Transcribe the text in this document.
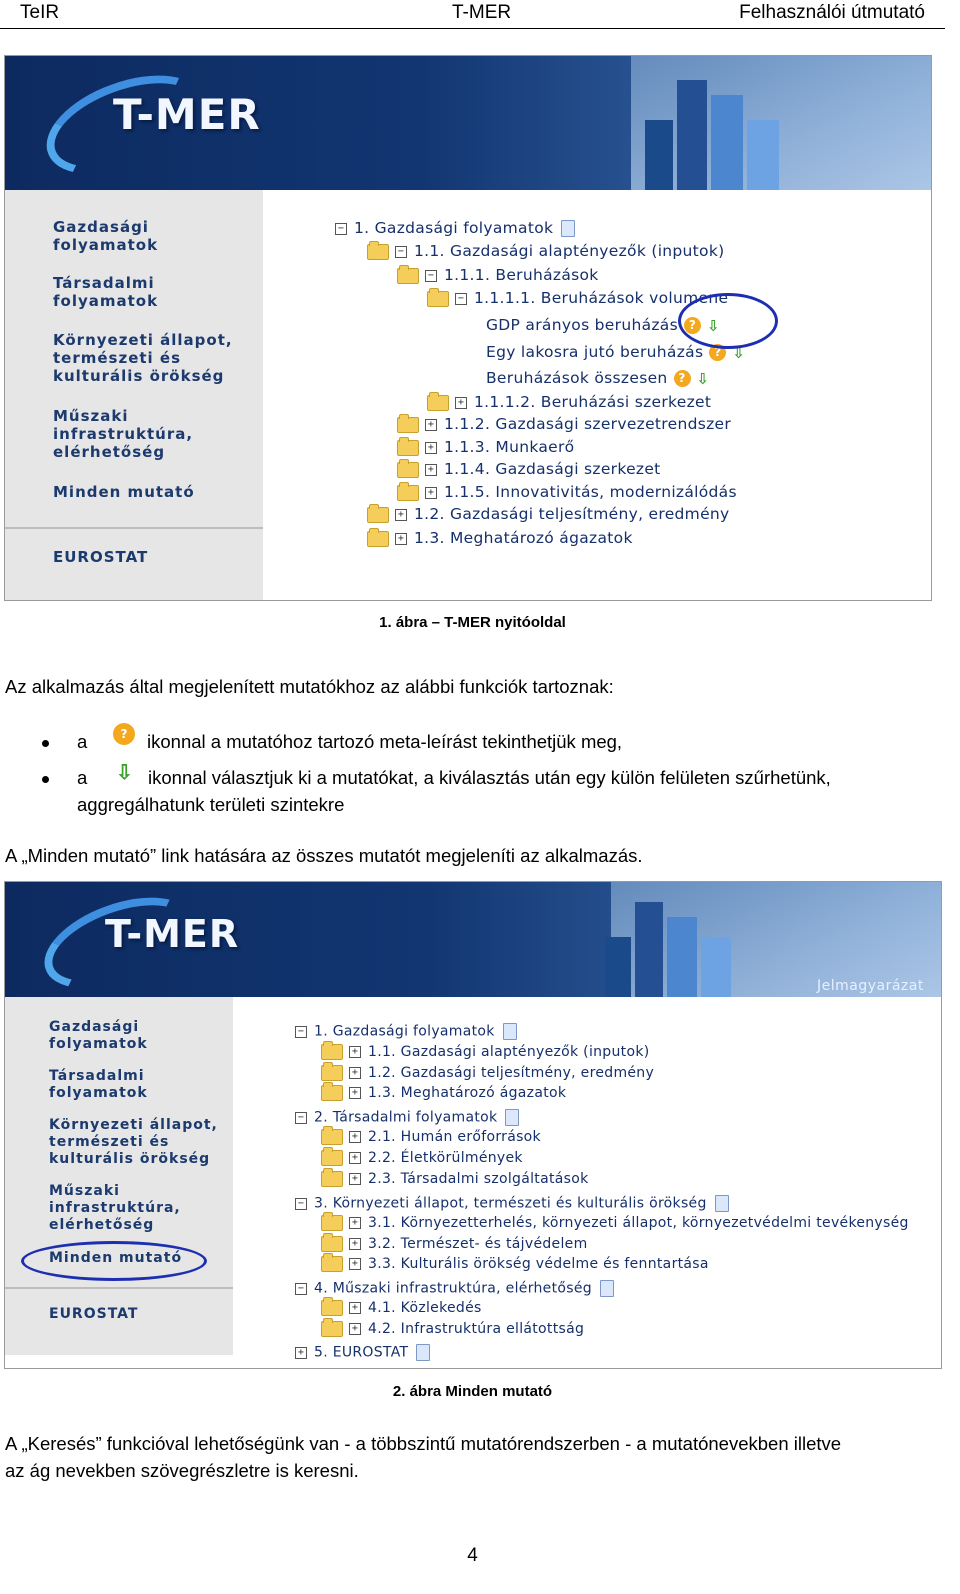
TeIR	T-MER	Felhasználói útmutató
T-MER
Gazdasági folyamatok
Társadalmi folyamatok
Környezeti állapot, természeti és kulturális örökség
Műszaki infrastruktúra, elérhetőség
Minden mutató
EUROSTAT
− 1. Gazdasági folyamatok
− 1.1. Gazdasági alaptényezők (inputok)
− 1.1.1. Beruházások
− 1.1.1.1. Beruházások volumene
GDP arányos beruházás ? ⇩
Egy lakosra jutó beruházás ? ⇩
Beruházások összesen ? ⇩
+ 1.1.1.2. Beruházási szerkezet
+ 1.1.2. Gazdasági szervezetrendszer
+ 1.1.3. Munkaerő
+ 1.1.4. Gazdasági szerkezet
+ 1.1.5. Innovativitás, modernizálódás
+ 1.2. Gazdasági teljesítmény, eredmény
+ 1.3. Meghatározó ágazatok
1. ábra – T-MER nyitóoldal
Az alkalmazás által megjelenített mutatókhoz az alábbi funkciók tartoznak:
a	?	ikonnal a mutatóhoz tartozó meta-leírást tekinthetjük meg,
a ⇩ ikonnal választjuk ki a mutatókat, a kiválasztás után egy külön felületen szűrhetünk,
aggregálhatunk területi szintekre
A „Minden mutató” link hatására az összes mutatót megjeleníti az alkalmazás.
T-MER
Jelmagyarázat
Gazdasági folyamatok
Társadalmi folyamatok
Környezeti állapot, természeti és kulturális örökség
Műszaki infrastruktúra, elérhetőség
Minden mutató
EUROSTAT
− 1. Gazdasági folyamatok
+ 1.1. Gazdasági alaptényezők (inputok)
+ 1.2. Gazdasági teljesítmény, eredmény
+ 1.3. Meghatározó ágazatok
− 2. Társadalmi folyamatok
+ 2.1. Humán erőforrások
+ 2.2. Életkörülmények
+ 2.3. Társadalmi szolgáltatások
− 3. Környezeti állapot, természeti és kulturális örökség
+ 3.1. Környezetterhelés, környezeti állapot, környezetvédelmi tevékenység
+ 3.2. Természet- és tájvédelem
+ 3.3. Kulturális örökség védelme és fenntartása
− 4. Műszaki infrastruktúra, elérhetőség
+ 4.1. Közlekedés
+ 4.2. Infrastruktúra ellátottság
+ 5. EUROSTAT
2. ábra Minden mutató
A „Keresés” funkcióval lehetőségünk van - a többszintű mutatórendszerben - a mutatónevekben illetve
az ág nevekben szövegrészletre is keresni.
4
